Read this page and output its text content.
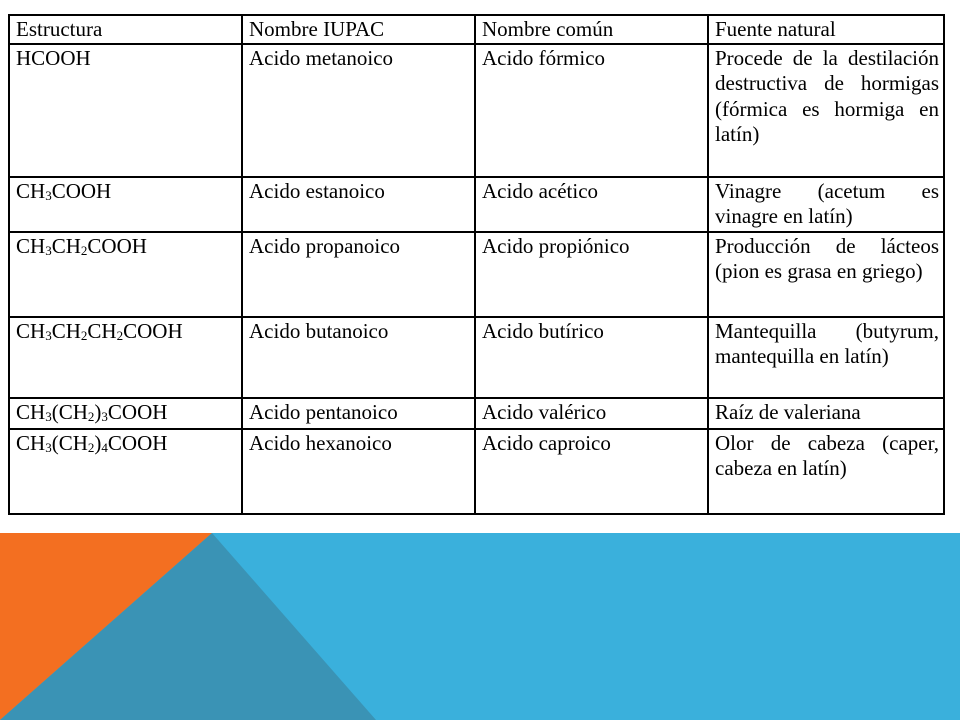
Estructura	Nombre IUPAC	Nombre común	Fuente natural
HCOOH	Acido metanoico	Acido fórmico	Procede de la destilación destructiva de hormigas (fórmica es hormiga en latín)
$CH_3COOH$	Acido estanoico	Acido acético	Vinagre (acetum es vinagre en latín)
$CH_3CH_2COOH$	Acido propanoico	Acido propiónico	Producción de lácteos (pion es grasa en griego)
$CH_3CH_2CH_2COOH$	Acido butanoico	Acido butírico	Mantequilla (butyrum, mantequilla en latín)
$CH_3(CH_2)_3COOH$	Acido pentanoico	Acido valérico	Raíz de valeriana
$CH_3(CH_2)_4COOH$	Acido hexanoico	Acido caproico	Olor de cabeza (caper, cabeza en latín)
